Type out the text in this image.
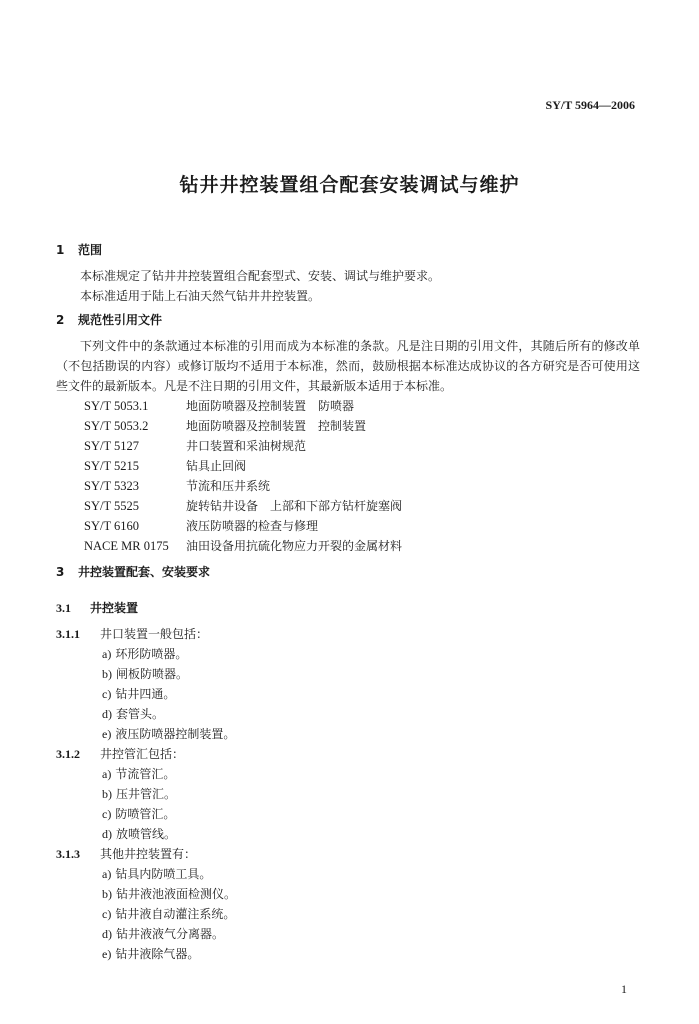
SY/T 5964—2006
钻井井控装置组合配套安装调试与维护
1 范围

本标准规定了钻井井控装置组合配套型式、安装、调试与维护要求。

本标准适用于陆上石油天然气钻井井控装置。

2 规范性引用文件

下列文件中的条款通过本标准的引用而成为本标准的条款。凡是注日期的引用文件，其随后所有的修改单（不包括勘误的内容）或修订版均不适用于本标准，然而，鼓励根据本标准达成协议的各方研究是否可使用这些文件的最新版本。凡是不注日期的引用文件，其最新版本适用于本标准。

SY/T 5053.1	地面防喷器及控制装置　防喷器
SY/T 5053.2	地面防喷器及控制装置　控制装置
SY/T 5127	井口装置和采油树规范
SY/T 5215	钻具止回阀
SY/T 5323	节流和压井系统
SY/T 5525	旋转钻井设备　上部和下部方钻杆旋塞阀
SY/T 6160	液压防喷器的检查与修理
NACE MR 0175 油田设备用抗硫化物应力开裂的金属材料
3 井控装置配套、安装要求
3.1 井控装置
3.1.1 井口装置一般包括：
a) 环形防喷器。
b) 闸板防喷器。
c) 钻井四通。
d) 套管头。
e) 液压防喷器控制装置。
3.1.2 井控管汇包括：
a) 节流管汇。
b) 压井管汇。
c) 防喷管汇。
d) 放喷管线。
3.1.3 其他井控装置有：
a) 钻具内防喷工具。
b) 钻井液池液面检测仪。
c) 钻井液自动灌注系统。
d) 钻井液液气分离器。
e) 钻井液除气器。
1
